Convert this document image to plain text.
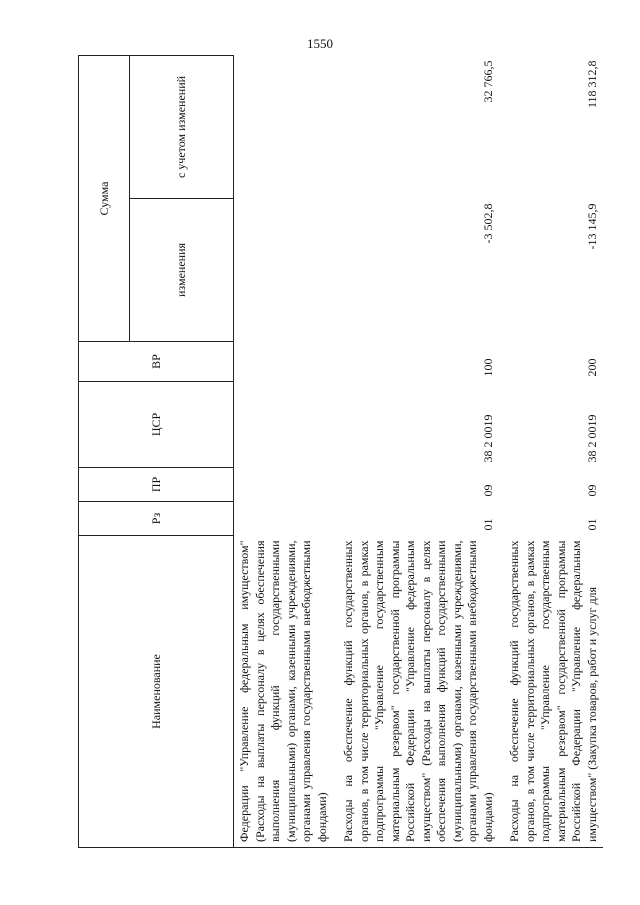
1550
Наименование	Рз	ПР	ЦСР	ВР	Сумма	
					изменения	с учетом изменений
Федерации "Управление федеральным имуществом" (Расходы на выплаты персоналу в целях обеспечения выполнения функций государственными (муниципальными) органами, казенными учреждениями, органами управления государственными внебюджетными фондами)						
Расходы на обеспечение функций государственных органов, в том числе территориальных органов, в рамках подпрограммы "Управление государственным материальным резервом" государственной программы Российской Федерации "Управление федеральным имуществом" (Расходы на выплаты персоналу в целях обеспечения выполнения функций государственными (муниципальными) органами, казенными учреждениями, органами управления государственными внебюджетными фондами)	01	09	38 2 0019	100	-3 502,8	32 766,5
Расходы на обеспечение функций государственных органов, в том числе территориальных органов, в рамках подпрограммы "Управление государственным материальным резервом" государственной программы Российской Федерации "Управление федеральным имуществом" (Закупка товаров, работ и услуг для	01	09	38 2 0019	200	-13 145,9	118 312,8
